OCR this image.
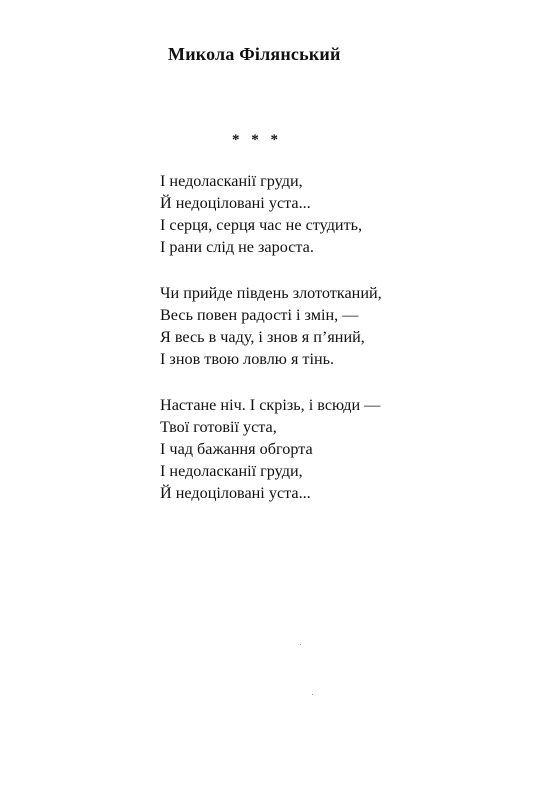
Микола Філянський
* * *
І недоласканії груди,
Й недоціловані уста...
І серця, серця час не студить,
І рани слід не зароста.
Чи прийде південь злототканий,
Весь повен радості і змін, —
Я весь в чаду, і знов я п’яний,
І знов твою ловлю я тінь.
Настане ніч. І скрізь, і всюди —
Твої готовії уста,
І чад бажання обгорта
І недоласканії груди,
Й недоціловані уста...
